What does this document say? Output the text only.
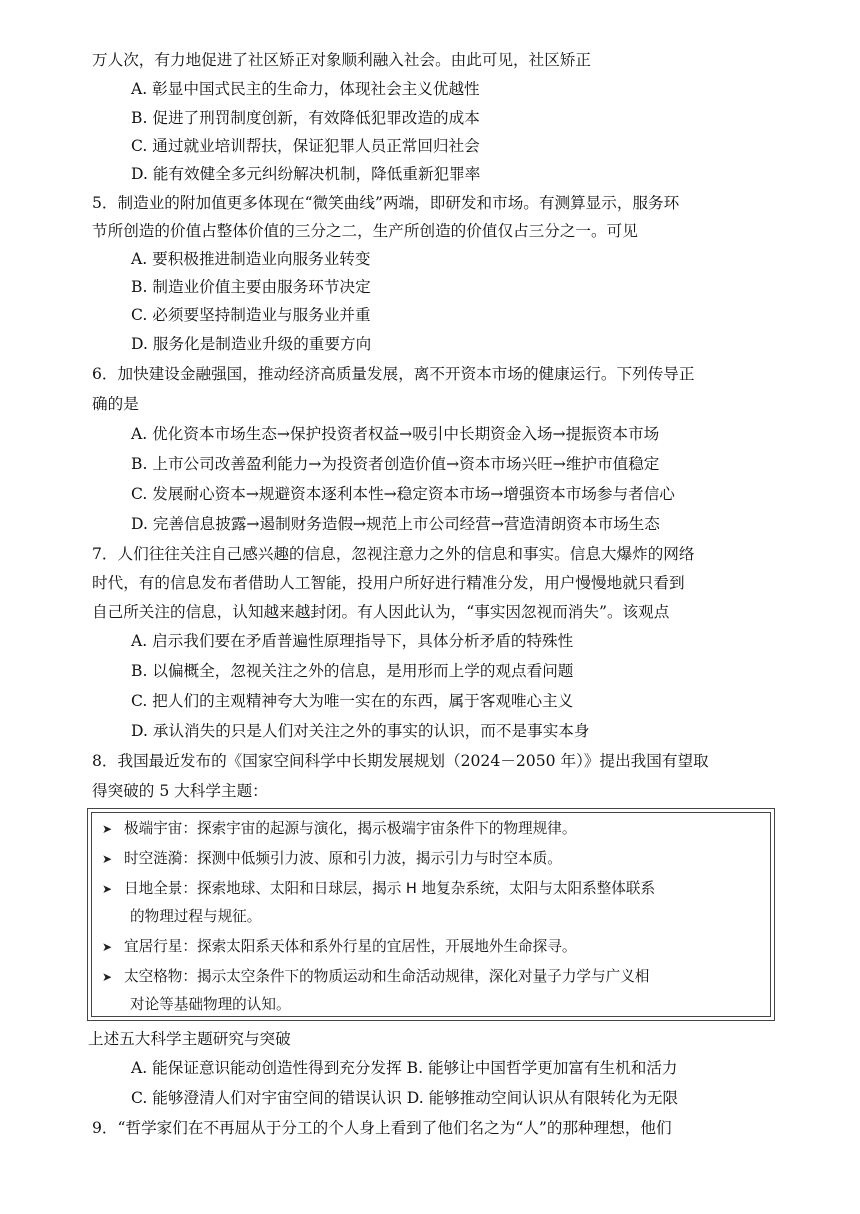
万人次，有力地促进了社区矫正对象顺利融入社会。由此可见，社区矫正
A. 彰显中国式民主的生命力，体现社会主义优越性
B. 促进了刑罚制度创新，有效降低犯罪改造的成本
C. 通过就业培训帮扶，保证犯罪人员正常回归社会
D. 能有效健全多元纠纷解决机制，降低重新犯罪率
5．制造业的附加值更多体现在“微笑曲线”两端，即研发和市场。有测算显示，服务环
节所创造的价值占整体价值的三分之二，生产所创造的价值仅占三分之一。可见
A. 要积极推进制造业向服务业转变
B. 制造业价值主要由服务环节决定
C. 必须要坚持制造业与服务业并重
D. 服务化是制造业升级的重要方向
6．加快建设金融强国，推动经济高质量发展，离不开资本市场的健康运行。下列传导正
确的是
A. 优化资本市场生态→保护投资者权益→吸引中长期资金入场→提振资本市场
B. 上市公司改善盈利能力→为投资者创造价值→资本市场兴旺→维护市值稳定
C. 发展耐心资本→规避资本逐利本性→稳定资本市场→增强资本市场参与者信心
D. 完善信息披露→遏制财务造假→规范上市公司经营→营造清朗资本市场生态
7．人们往往关注自己感兴趣的信息，忽视注意力之外的信息和事实。信息大爆炸的网络
时代，有的信息发布者借助人工智能，投用户所好进行精准分发，用户慢慢地就只看到
自己所关注的信息，认知越来越封闭。有人因此认为，“事实因忽视而消失”。该观点
A. 启示我们要在矛盾普遍性原理指导下，具体分析矛盾的特殊性
B. 以偏概全，忽视关注之外的信息，是用形而上学的观点看问题
C. 把人们的主观精神夸大为唯一实在的东西，属于客观唯心主义
D. 承认消失的只是人们对关注之外的事实的认识，而不是事实本身
8．我国最近发布的《国家空间科学中长期发展规划（2024－2050 年）》提出我国有望取
得突破的 5 大科学主题：
➤ 极端宇宙：探索宇宙的起源与演化，揭示极端宇宙条件下的物理规律。
➤ 时空涟漪：探测中低频引力波、原和引力波，揭示引力与时空本质。
➤ 日地全景：探索地球、太阳和日球层，揭示 H 地复杂系统，太阳与太阳系整体联系
的物理过程与规征。
➤ 宜居行星：探索太阳系天体和系外行星的宜居性，开展地外生命探寻。
➤ 太空格物：揭示太空条件下的物质运动和生命活动规律，深化对量子力学与广义相
对论等基础物理的认知。
上述五大科学主题研究与突破
A. 能保证意识能动创造性得到充分发挥 B. 能够让中国哲学更加富有生机和活力
C. 能够澄清人们对宇宙空间的错误认识 D. 能够推动空间认识从有限转化为无限
9．“哲学家们在不再屈从于分工的个人身上看到了他们名之为“人”的那种理想，他们
